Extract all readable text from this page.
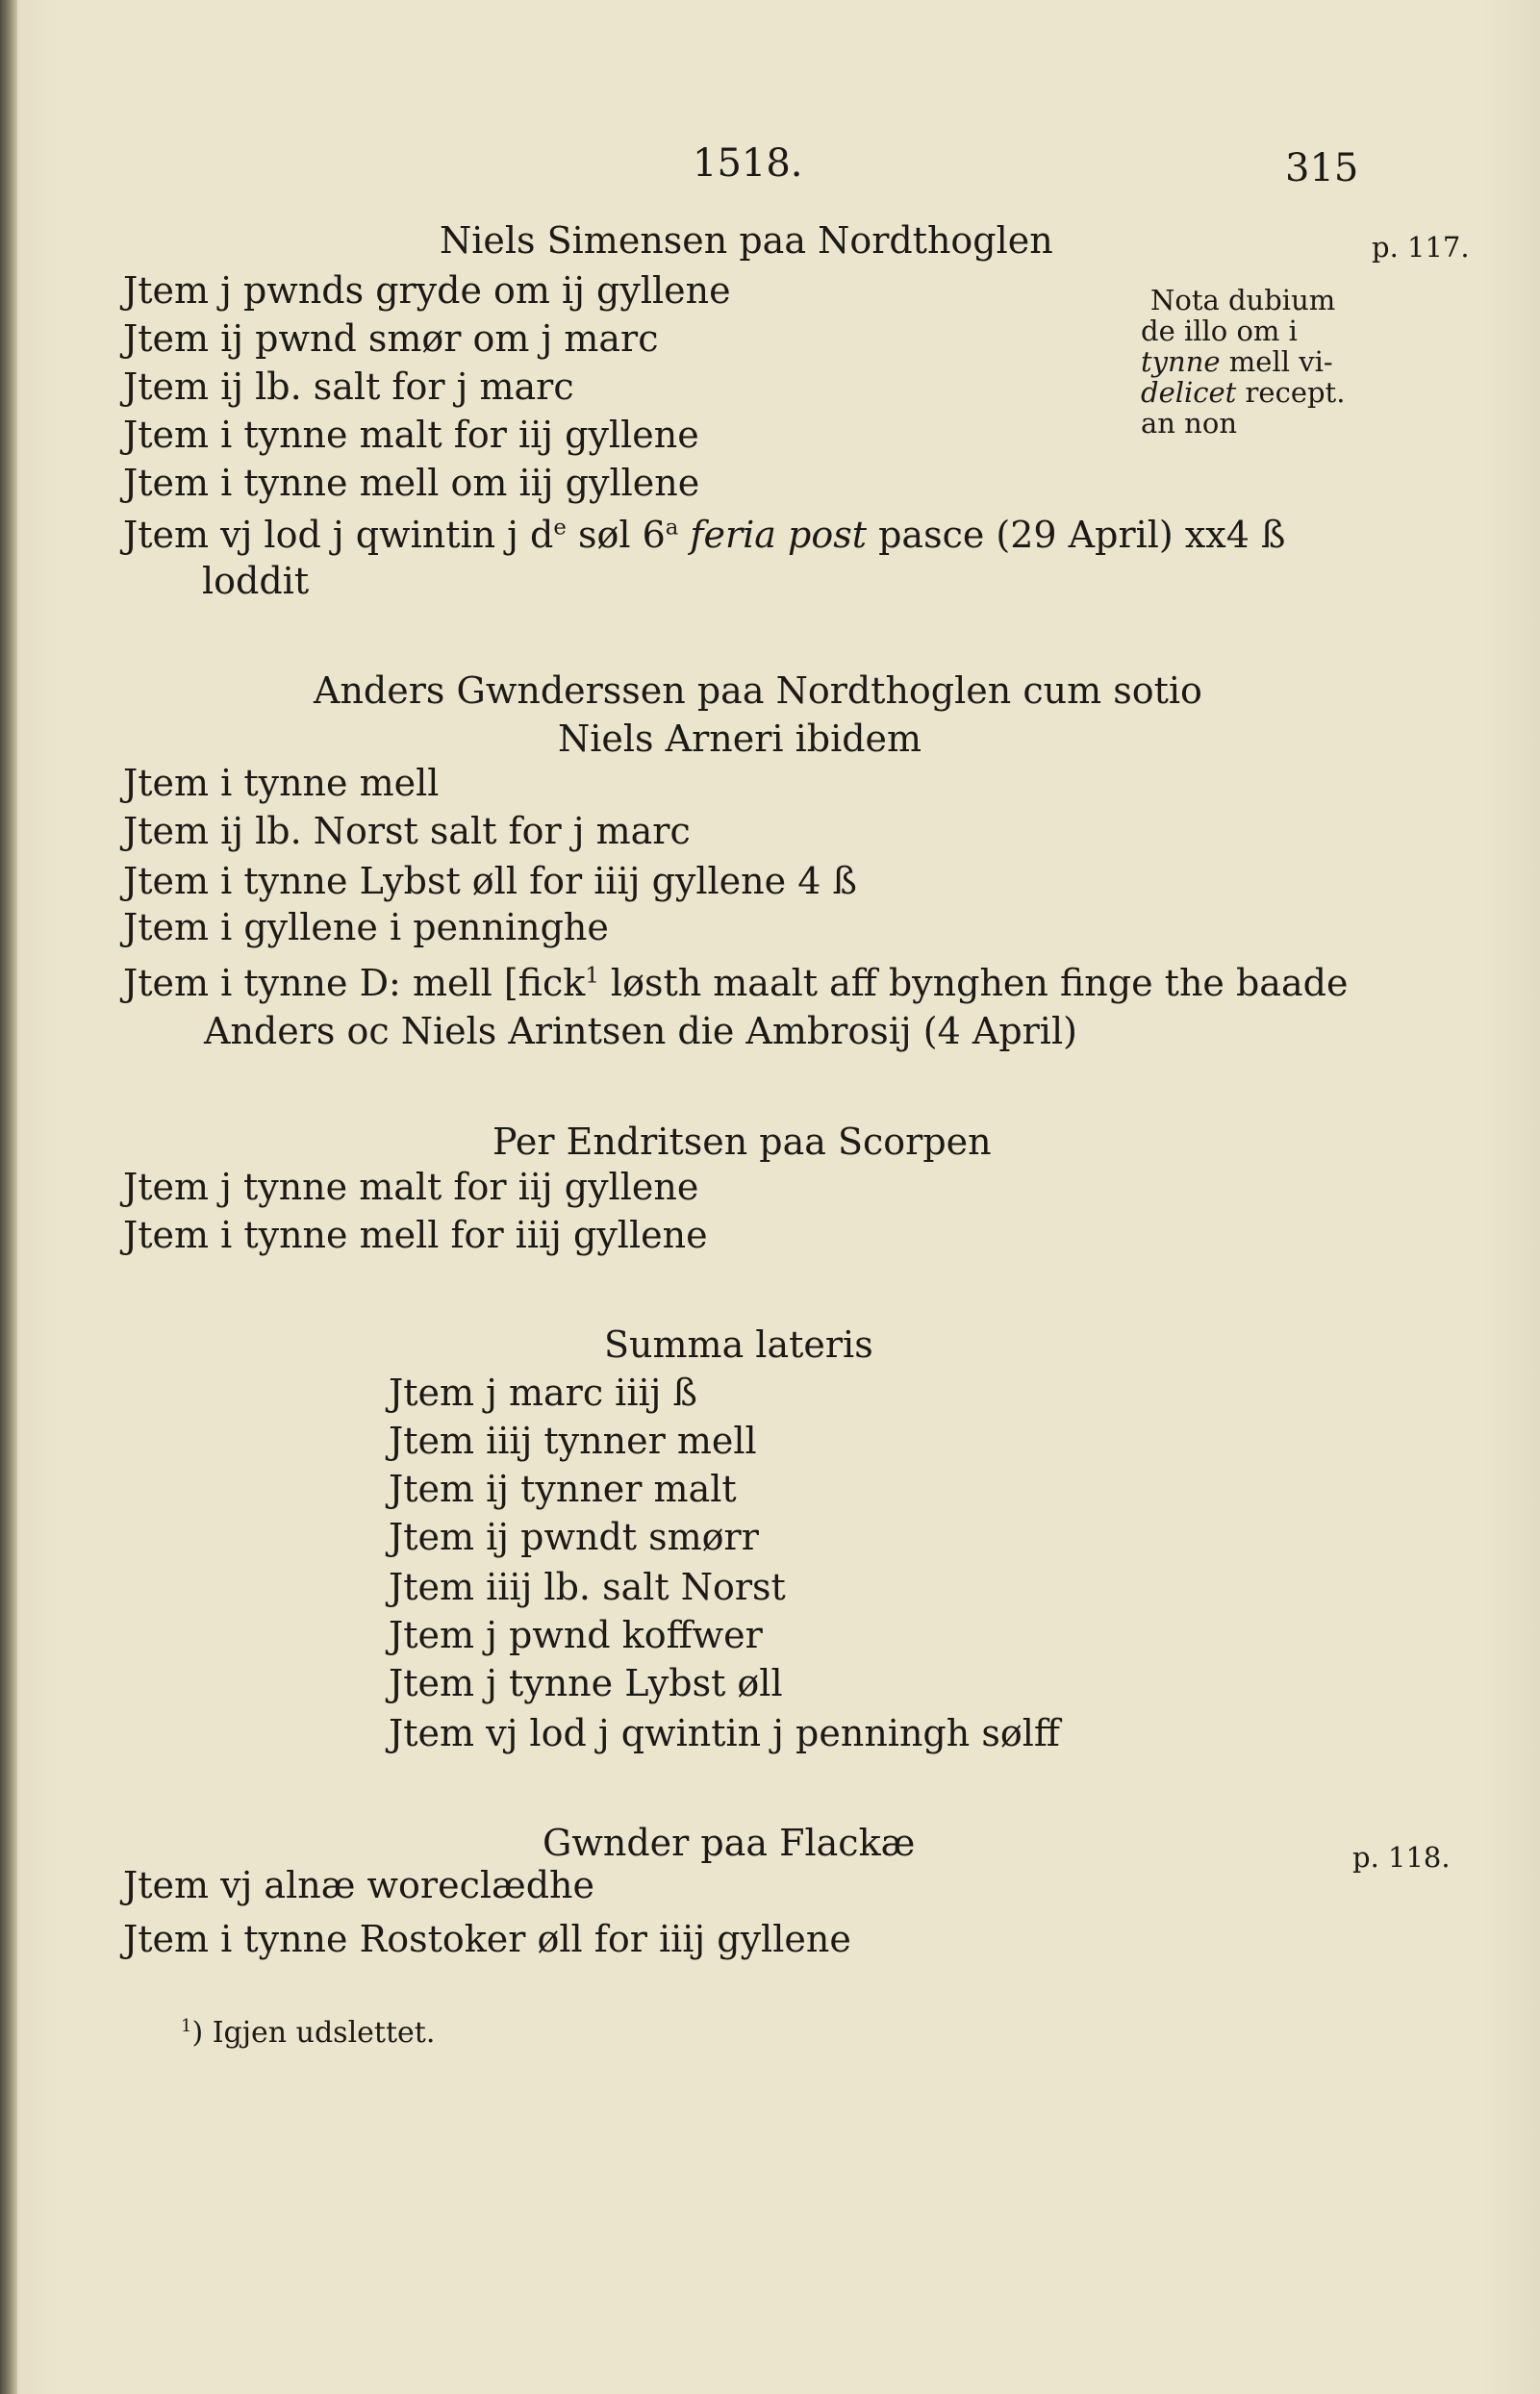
1518.	315
p. 117.
p. 118.
Nota dubium
de illo om i
tynne mell vi-
delicet recept.
an non
Niels Simensen paa Nordthoglen
Jtem ј pwnds gryde om ij gyllene
Jtem ij pwnd smør om ј marc
Jtem ij lb. salt for ј marc
Jtem i tynne malt for iij gyllene
Jtem i tynne mell om iij gyllene
Jtem vj lod j qwintin j $d^e$ søl 6$^a$ feria post pasce (29 April) xx4 ß
loddit
Anders Gwnderssen paa Nordthoglen cum sotio
Niels Arneri ibidem
Jtem i tynne mell
Jtem ij lb. Norst salt for ј marc
Jtem i tynne Lybst øll for iiij gyllene 4 ß
Jtem i gyllene i penninghe
Jtem i tynne D: mell [fick$^1$ løsth maalt aff bynghen finge the baade
Anders oc Niels Arintsen die Ambrosij (4 April)
Per Endritsen paa Scorpen
Jtem j tynne malt for iij gyllene
Jtem i tynne mell for iiiј gyllene
Summa lateris
Jtem ј marc iiij ß
Jtem iiij tynner mell
Jtem ij tynner malt
Jtem ij pwndt smørr
Jtem iiij lb. salt Norst
Jtem ј pwnd koffwer
Jtem j tynne Lybst øll
Jtem vj lod j qwintin j penningh sølff
Gwnder paa Flackæ
Jtem vј alnæ woreclædhe
Jtem i tynne Rostoker øll for iiiј gyllene
$^1$) Igjen udslettet.
